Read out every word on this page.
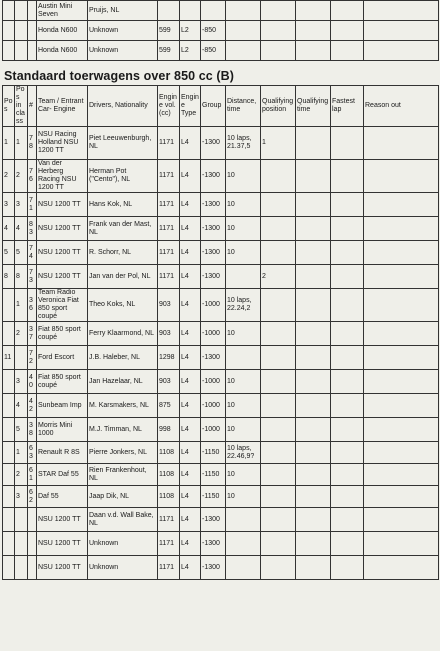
			Austin Mini Seven	Pruijs, NL								
			Honda N600	Unknown	599	L2	-850					
			Honda N600	Unknown	599	L2	-850					
Standaard toerwagens over 850 cc (B)
Pos	Pos in class	#	Team / Entrant Car- Engine	Drivers, Nationality	Engine vol. (cc)	Engine Type	Group	Distance, time	Qualifying position	Qualifying time	Fastest lap	Reason out
1	1	78	NSU Racing Holland NSU 1200 TT	Piet Leeuwenburgh, NL	1171	L4	-1300	10 laps, 21.37,5	1			
2	2	76	Van der Herberg Racing NSU 1200 TT	Herman Pot ("Cento"), NL	1171	L4	-1300	10				
3	3	71	NSU 1200 TT	Hans Kok, NL	1171	L4	-1300	10				
4	4	83	NSU 1200 TT	Frank van der Mast, NL	1171	L4	-1300	10				
5	5	74	NSU 1200 TT	R. Schorr, NL	1171	L4	-1300	10				
8	8	73	NSU 1200 TT	Jan van der Pol, NL	1171	L4	-1300		2			
	1	36	Team Radio Veronica Fiat 850 sport coupé	Theo Koks, NL	903	L4	-1000	10 laps, 22.24,2				
	2	37	Fiat 850 sport coupé	Ferry Klaarmond, NL	903	L4	-1000	10				
11		72	Ford Escort	J.B. Haleber, NL	1298	L4	-1300					
	3	40	Fiat 850 sport coupé	Jan Hazelaar, NL	903	L4	-1000	10				
	4	42	Sunbeam Imp	M. Karsmakers, NL	875	L4	-1000	10				
	5	38	Morris Mini 1000	M.J. Timman, NL	998	L4	-1000	10				
	1	63	Renault R 8S	Pierre Jonkers, NL	1108	L4	-1150	10 laps, 22.46,9?				
	2	61	STAR Daf 55	Rien Frankenhout, NL	1108	L4	-1150	10				
	3	62	Daf 55	Jaap Dik, NL	1108	L4	-1150	10				
			NSU 1200 TT	Daan v.d. Wall Bake, NL	1171	L4	-1300					
			NSU 1200 TT	Unknown	1171	L4	-1300					
			NSU 1200 TT	Unknown	1171	L4	-1300					
